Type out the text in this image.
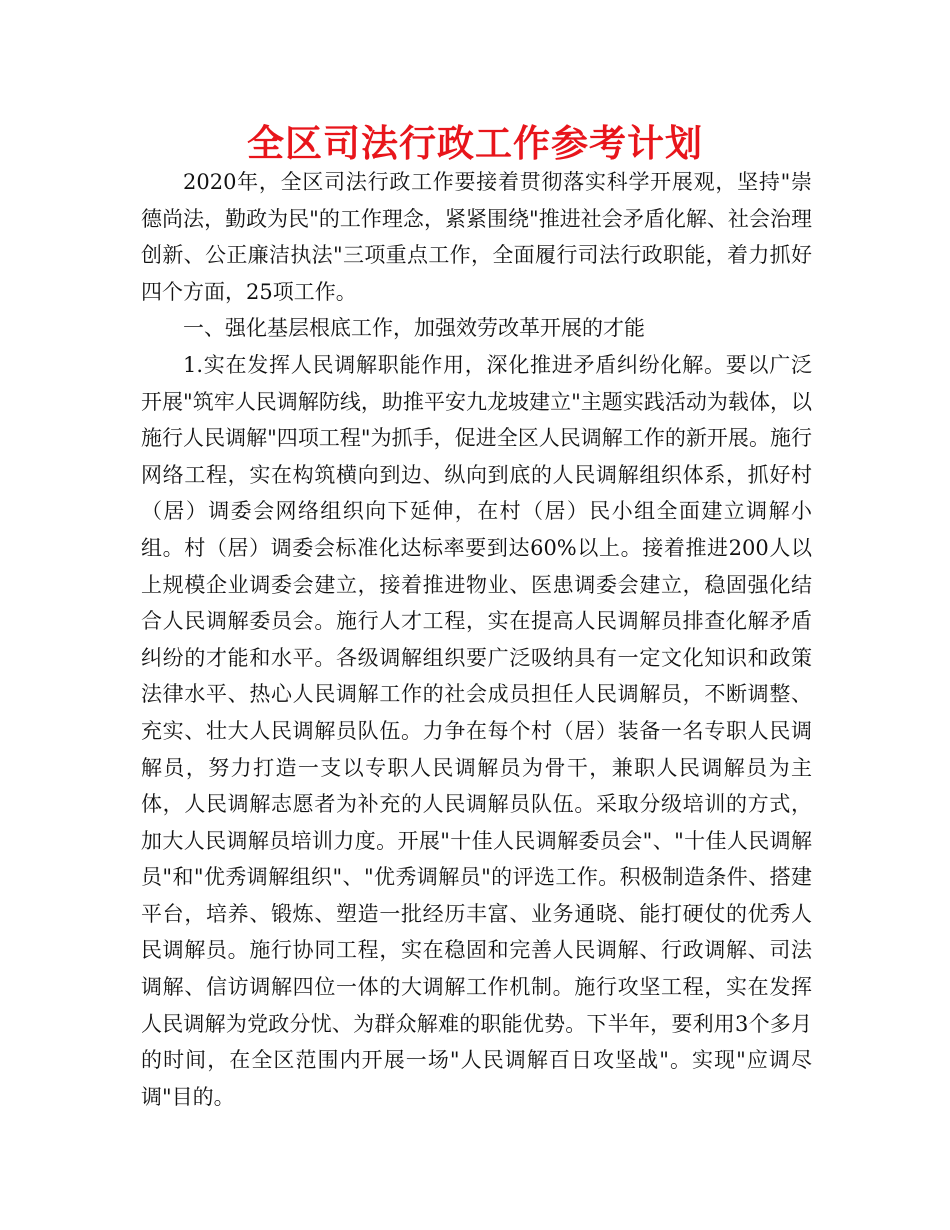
全区司法行政工作参考计划

2020年，全区司法行政工作要接着贯彻落实科学开展观，坚持"崇德尚法，勤政为民"的工作理念，紧紧围绕"推进社会矛盾化解、社会治理创新、公正廉洁执法"三项重点工作，全面履行司法行政职能，着力抓好四个方面，25项工作。

一、强化基层根底工作，加强效劳改革开展的才能

1.实在发挥人民调解职能作用，深化推进矛盾纠纷化解。要以广泛开展"筑牢人民调解防线，助推平安九龙坡建立"主题实践活动为载体，以施行人民调解"四项工程"为抓手，促进全区人民调解工作的新开展。施行网络工程，实在构筑横向到边、纵向到底的人民调解组织体系，抓好村（居）调委会网络组织向下延伸，在村（居）民小组全面建立调解小组。村（居）调委会标准化达标率要到达60%以上。接着推进200人以上规模企业调委会建立，接着推进物业、医患调委会建立，稳固强化结合人民调解委员会。施行人才工程，实在提高人民调解员排查化解矛盾纠纷的才能和水平。各级调解组织要广泛吸纳具有一定文化知识和政策法律水平、热心人民调解工作的社会成员担任人民调解员，不断调整、充实、壮大人民调解员队伍。力争在每个村（居）装备一名专职人民调解员，努力打造一支以专职人民调解员为骨干，兼职人民调解员为主体，人民调解志愿者为补充的人民调解员队伍。采取分级培训的方式，加大人民调解员培训力度。开展"十佳人民调解委员会"、"十佳人民调解员"和"优秀调解组织"、"优秀调解员"的评选工作。积极制造条件、搭建平台，培养、锻炼、塑造一批经历丰富、业务通晓、能打硬仗的优秀人民调解员。施行协同工程，实在稳固和完善人民调解、行政调解、司法调解、信访调解四位一体的大调解工作机制。施行攻坚工程，实在发挥人民调解为党政分忧、为群众解难的职能优势。下半年，要利用3个多月的时间，在全区范围内开展一场"人民调解百日攻坚战"。实现"应调尽调"目的。
